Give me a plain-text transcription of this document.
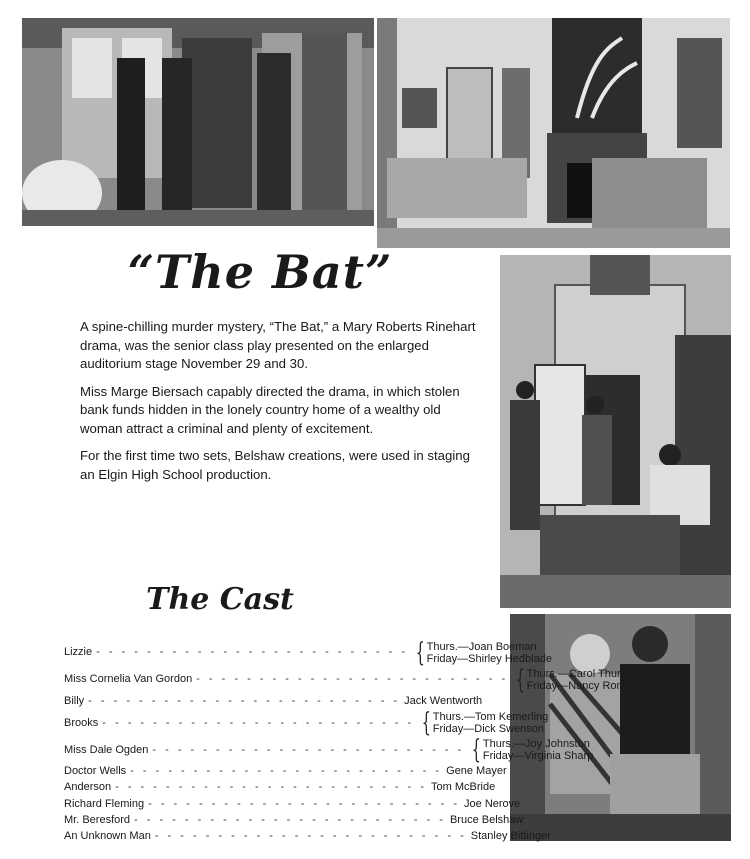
“The Bat”

A spine-chilling murder mystery, “The Bat,” a Mary Roberts Rinehart drama, was the senior class play presented on the enlarged auditorium stage November 29 and 30.

Miss Marge Biersach capably directed the drama, in which stolen bank funds hidden in the lonely country home of a wealthy old woman attract a criminal and plenty of excitement.

For the first time two sets, Belshaw creations, were used in staging an Elgin High School production.

The Cast
Lizzie - - - - - - - - - - - - - - - - - - - - - - - - - { Thurs.—Joan Boeman
Friday—Shirley Hedblade
Miss Cornelia Van Gordon - - - - - - - - - - - - - - - - - - - - - - - - - { Thurs.—Carol Thurnau
Friday—Nancy Romeis
Billy - - - - - - - - - - - - - - - - - - - - - - - - - Jack Wentworth
Brooks - - - - - - - - - - - - - - - - - - - - - - - - - { Thurs.—Tom Kemerling
Friday—Dick Swenson
Miss Dale Ogden - - - - - - - - - - - - - - - - - - - - - - - - - { Thurs.—Joy Johnston
Friday—Virginia Sharp
Doctor Wells - - - - - - - - - - - - - - - - - - - - - - - - - Gene Mayer
Anderson - - - - - - - - - - - - - - - - - - - - - - - - - Tom McBride
Richard Fleming - - - - - - - - - - - - - - - - - - - - - - - - - Joe Nerove
Mr. Beresford - - - - - - - - - - - - - - - - - - - - - - - - - Bruce Belshaw
An Unknown Man - - - - - - - - - - - - - - - - - - - - - - - - - Stanley Bittinger
